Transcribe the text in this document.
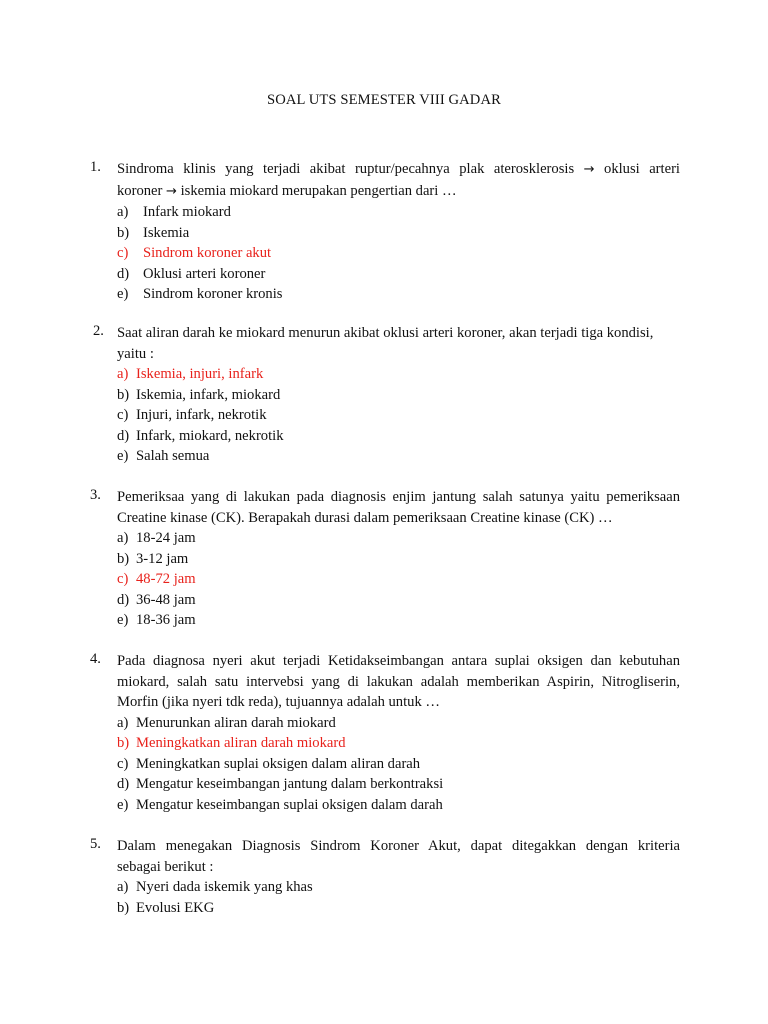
SOAL UTS SEMESTER VIII GADAR
1. Sindroma klinis yang terjadi akibat ruptur/pecahnya plak aterosklerosis → oklusi arteri
koroner → iskemia miokard merupakan pengertian dari …
a) Infark miokard
b) Iskemia
c) Sindrom koroner akut
d) Oklusi arteri koroner
e) Sindrom koroner kronis
2. Saat aliran darah ke miokard menurun akibat oklusi arteri koroner, akan terjadi tiga kondisi,
yaitu :
a) Iskemia, injuri, infark
b) Iskemia, infark, miokard
c) Injuri, infark, nekrotik
d) Infark, miokard, nekrotik
e) Salah semua
3. Pemeriksaa yang di lakukan pada diagnosis enjim jantung salah satunya yaitu pemeriksaan
Creatine kinase (CK). Berapakah durasi dalam pemeriksaan Creatine kinase (CK) …
a) 18-24 jam
b) 3-12 jam
c) 48-72 jam
d) 36-48 jam
e) 18-36 jam
4. Pada diagnosa nyeri akut terjadi Ketidakseimbangan antara suplai oksigen dan kebutuhan
miokard, salah satu intervebsi yang di lakukan adalah memberikan Aspirin, Nitrogliserin,
Morfin (jika nyeri tdk reda), tujuannya adalah untuk …
a) Menurunkan aliran darah miokard
b) Meningkatkan aliran darah miokard
c) Meningkatkan suplai oksigen dalam aliran darah
d) Mengatur keseimbangan jantung dalam berkontraksi
e) Mengatur keseimbangan suplai oksigen dalam darah
5. Dalam menegakan Diagnosis Sindrom Koroner Akut, dapat ditegakkan dengan kriteria
sebagai berikut :
a) Nyeri dada iskemik yang khas
b) Evolusi EKG
